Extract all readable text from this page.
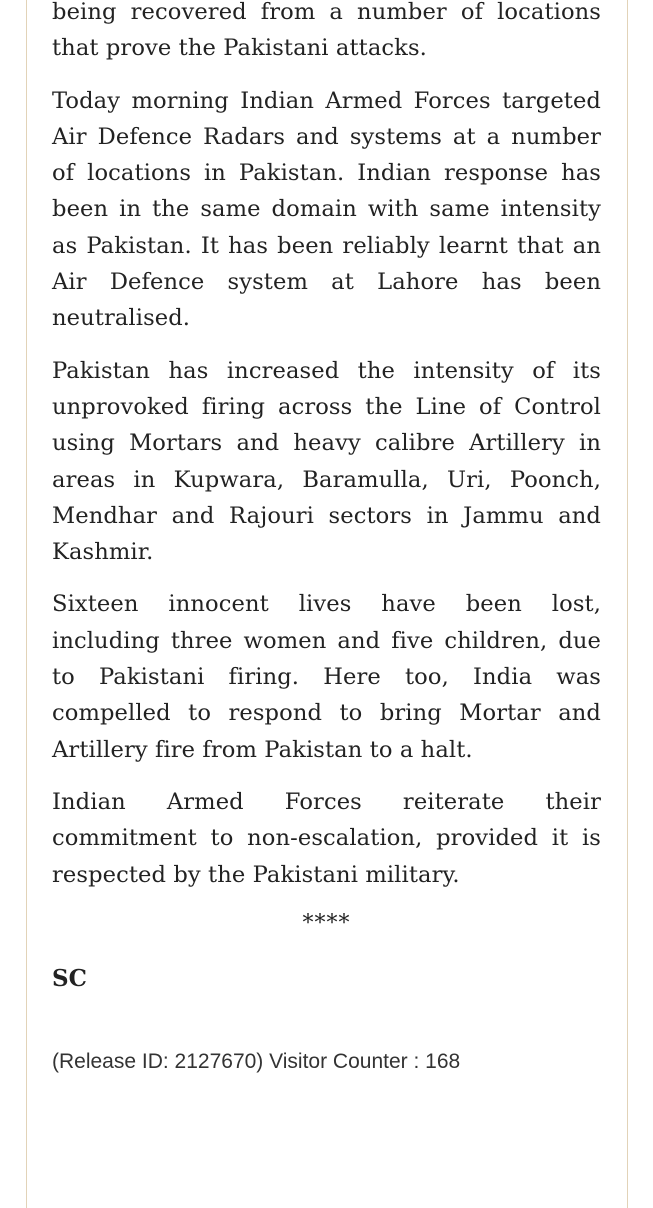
being recovered from a number of locations that prove the Pakistani attacks.

Today morning Indian Armed Forces targeted Air Defence Radars and systems at a number of locations in Pakistan. Indian response has been in the same domain with same intensity as Pakistan. It has been reliably learnt that an Air Defence system at Lahore has been neutralised.

Pakistan has increased the intensity of its unprovoked firing across the Line of Control using Mortars and heavy calibre Artillery in areas in Kupwara, Baramulla, Uri, Poonch, Mendhar and Rajouri sectors in Jammu and Kashmir.

Sixteen innocent lives have been lost, including three women and five children, due to Pakistani firing. Here too, India was compelled to respond to bring Mortar and Artillery fire from Pakistan to a halt.

Indian Armed Forces reiterate their commitment to non-escalation, provided it is respected by the Pakistani military.

****
SC
(Release ID: 2127670) Visitor Counter : 168
